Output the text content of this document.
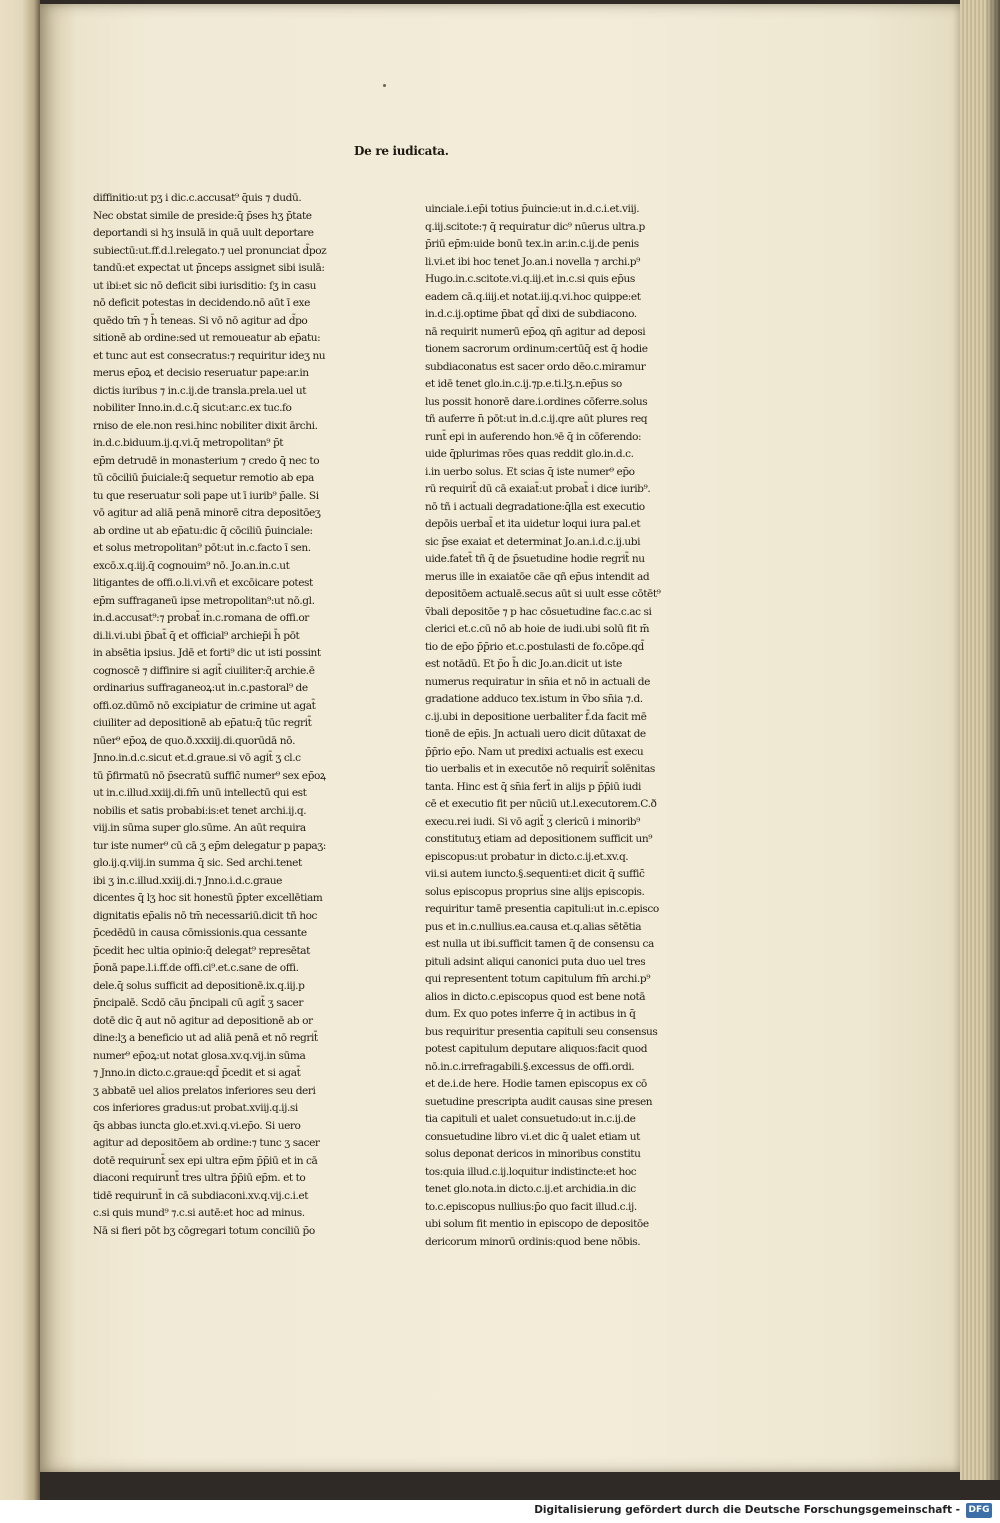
De re iudicata.
diffinitio:ut pʒ i dic.c.accusat⁹ q̄uis ⁊ dudū.
Nec obstat simile de preside:q̄ p̄ses hʒ p̄tate
deportandi si hʒ insulā in quā uult deportare
subiectū:ut.ff.d.l.relegato.⁊ uel pronunciat d̄poz
tandū:et expectat ut p̄nceps assignet sibi isulā:
ut ibi:et sic nō deficit sibi iurisditio: ſʒ in casu
nō deficit potestas in decidendo.nō aūt ī exe
quēdo tm̄ ⁊ h̄ teneas. Si vō nō agitur ad d̄po
sitionē ab ordine:sed ut remoueatur ab ep̄atu:
et tunc aut est consecratus:⁊ requiritur ideʒ nu
merus ep̄oꝝ et decisio reseruatur pape:ar.in
dictis iuribus ⁊ in.c.ij.de transla.prela.uel ut
nobiliter Inno.in.d.c.q̄ sicut:ar.c.ex tuc.fo
rniso de ele.non resi.hinc nobiliter dixit ārchi.
in.d.c.biduum.ij.q.vi.q̄ metropolitan⁹ p̄t
ep̄m detrudē in monasterium ⁊ credo q̄ nec to
tū cōciliū p̄uiciale:q̄ sequetur remotio ab epa
tu que reseruatur soli pape ut ī iurib⁹ p̄alle. Si
vō agitur ad aliā penā minorē citra depositōeʒ
ab ordine ut ab ep̄atu:dic q̄ cōciliū p̄uinciale:
et solus metropolitan⁹ pōt:ut in.c.facto ī sen.
excō.x.q.iij.q̄ cognouim⁹ nō. Jo.an.in.c.ut
litigantes de offi.o.li.vi.vñ et excōicare potest
ep̄m suffraganeū ipse metropolitan⁹:ut nō.gl.
in.d.accusat⁹:⁊ probat̄ in.c.romana de offi.or
di.li.vi.ubi p̄bat̄ q̄ et official⁹ archiep̄i h̄ pōt
in absētia ipsius. Jdē et forti⁹ dic ut isti possint
cognoscē ⁊ diffinire si agit̄ ciuiliter:q̄ archie.ē
ordinarius suffraganeoꝝ:ut in.c.pastoral⁹ de
offi.oz.dūmō nō excipiatur de crimine ut agat̄
ciuiliter ad depositionē ab ep̄atu:q̄ tūc regrit̄
nūer⁹ ep̄oꝝ de quo.ð.xxxiij.di.quorūdā nō.
Jnno.in.d.c.sicut et.d.graue.si vō agit̄ ʒ cl.c
tū p̄firmatū nō p̄secratū suffic̄ numer⁹ sex ep̄oꝝ
ut in.c.illud.xxiij.di.fm̄ unū intellectū qui est
nobilis et satis probabi:is:et tenet archi.ij.q.
viij.in sūma super glo.sūme. An aūt requira
tur iste numer⁹ cū cā ʒ ep̄m delegatur p papaʒ:
glo.ij.q.viij.in summa q̄ sic. Sed archi.tenet
ibi ʒ in.c.illud.xxiij.di.⁊ Jnno.i.d.c.graue
dicentes q̄ lʒ hoc sit honestū p̄pter excellētiam
dignitatis ep̄alis nō tm̄ necessariū.dicit tñ hoc
p̄cedēdū in causa cōmissionis.qua cessante
p̄cedit hec ultia opinio:q̄ delegat⁹ represētat
p̄onā pape.l.i.ff.de offi.ci⁹.et.c.sane de offi.
dele.q̄ solus sufficit ad depositionē.ix.q.iij.p
p̄ncipalē. Scdō cāu p̄ncipali cū agit̄ ʒ sacer
dotē dic q̄ aut nō agitur ad depositionē ab or
dine:lʒ a beneficio ut ad aliā penā et nō regrit̄
numer⁹ ep̄oꝝ:ut notat glosa.xv.q.vij.in sūma
⁊ Jnno.in dicto.c.graue:qd̄ p̄cedit et si agat̄
ʒ abbatē uel alios prelatos inferiores seu deri
cos inferiores gradus:ut probat.xviij.q.ij.si
q̄s abbas iuncta glo.et.xvi.q.vi.ep̄o. Si uero
agitur ad depositōem ab ordine:⁊ tunc ʒ sacer
dotē requirunt̄ sex epi ultra ep̄m p̄p̄iū et in cā
diaconi requirunt̄ tres ultra p̄p̄iū ep̄m. et to
tidē requirunt̄ in cā subdiaconi.xv.q.vij.c.i.et
c.si quis mund⁹ ⁊.c.si autē:et hoc ad minus.
Nā si fieri pōt bʒ cōgregari totum conciliū p̄o
uinciale.i.ep̄i totius p̄uincie:ut in.d.c.i.et.viij.
q.iij.scitote:⁊ q̄ requiratur dic⁹ nūerus ultra.p
p̄riū ep̄m:uide bonū tex.in ar.in.c.ij.de penis
li.vi.et ibi hoc tenet Jo.an.i novella ⁊ archi.p⁹
Hugo.in.c.scitote.vi.q.iij.et in.c.si quis ep̄us
eadem cā.q.iiij.et notat.iij.q.vi.hoc quippe:et
in.d.c.ij.optime p̄bat qd̄ dixi de subdiacono.
nā requirit numerū ep̄oꝝ qn̄ agitur ad deposi
tionem sacrorum ordinum:certūq̄ est q̄ hodie
subdiaconatus est sacer ordo dēo.c.miramur
et idē tenet glo.in.c.ij.⁊p.e.ti.lʒ.n.ep̄us so
lus possit honorē dare.i.ordines cōferre.solus
tñ auferre n̄ pōt:ut in.d.c.ij.qre aūt plures req
runt̄ epi in auferendo hon.ꝰē q̄ in cōferendo:
uide q̄plurimas rōes quas reddit glo.in.d.c.
i.in uerbo solus. Et scias q̄ iste numer⁹ ep̄o
rū requirit̄ dū cā exaiat̄:ut probat̄ i dicɇ iurib⁹.
nō tñ i actuali degradatione:q̄lla est executio
depōis uerbal̄ et ita uidetur loqui iura pal.et
sic p̄se exaiat et determinat Jo.an.i.d.c.ij.ubi
uide.fatet̄ tñ q̄ de p̄suetudine hodie regrit̄ nu
merus ille in exaiatōe cāe qñ ep̄us intendit ad
depositōem actualē.secus aūt si uult esse cōtēt⁹
v̄bali depositōe ⁊ p hac cōsuetudine fac.c.ac si
clerici et.c.cū nō ab hoie de iudi.ubi solū fit m̄
tio de ep̄o p̄p̄rio et.c.postulasti de fo.cōpe.qd̄
est notādū. Et p̄o h̄ dic Jo.an.dicit ut iste
numerus requiratur in sn̄ia et nō in actuali de
gradatione adduco tex.istum in v̄bo sn̄ia ⁊.d.
c.ij.ubi in depositione uerbaliter f̄.da facit mē
tionē de ep̄is. Jn actuali uero dicit dūtaxat de
p̄p̄rio ep̄o. Nam ut predixi actualis est execu
tio uerbalis et in executōe nō requirit̄ solēnitas
tanta. Hinc est q̄ sn̄ia fert̄ in alijs p p̄p̄iū iudi
cē et executio fit per nūciū ut.l.executorem.C.ð
execu.rei iudi. Si vō agit̄ ʒ clericū i minorib⁹
constitutuʒ etiam ad depositionem sufficit un⁹
episcopus:ut probatur in dicto.c.ij.et.xv.q.
vii.si autem iuncto.§.sequenti:et dicit q̄ suffic̄
solus episcopus proprius sine alijs episcopis.
requiritur tamē presentia capituli:ut in.c.episco
pus et in.c.nullius.ea.causa et.q.alias sētētia
est nulla ut ibi.sufficit tamen q̄ de consensu ca
pituli adsint aliqui canonici puta duo uel tres
qui representent totum capitulum fm̄ archi.p⁹
alios in dicto.c.episcopus quod est bene notā
dum. Ex quo potes inferre q̄ in actibus in q̄
bus requiritur presentia capituli seu consensus
potest capitulum deputare aliquos:facit quod
nō.in.c.irrefragabili.§.excessus de offi.ordi.
et de.i.de here. Hodie tamen episcopus ex cō
suetudine prescripta audit causas sine presen
tia capituli et ualet consuetudo:ut in.c.ij.de
consuetudine libro vi.et dic q̄ ualet etiam ut
solus deponat dericos in minoribus constitu
tos:quia illud.c.ij.loquitur indistincte:et hoc
tenet glo.nota.in dicto.c.ij.et archidia.in dic
to.c.episcopus nullius:p̄o quo facit illud.c.ij.
ubi solum fit mentio in episcopo de depositōe
dericorum minorū ordinis:quod bene nōbis.
Digitalisierung gefördert durch die Deutsche Forschungsgemeinschaft - DFG
